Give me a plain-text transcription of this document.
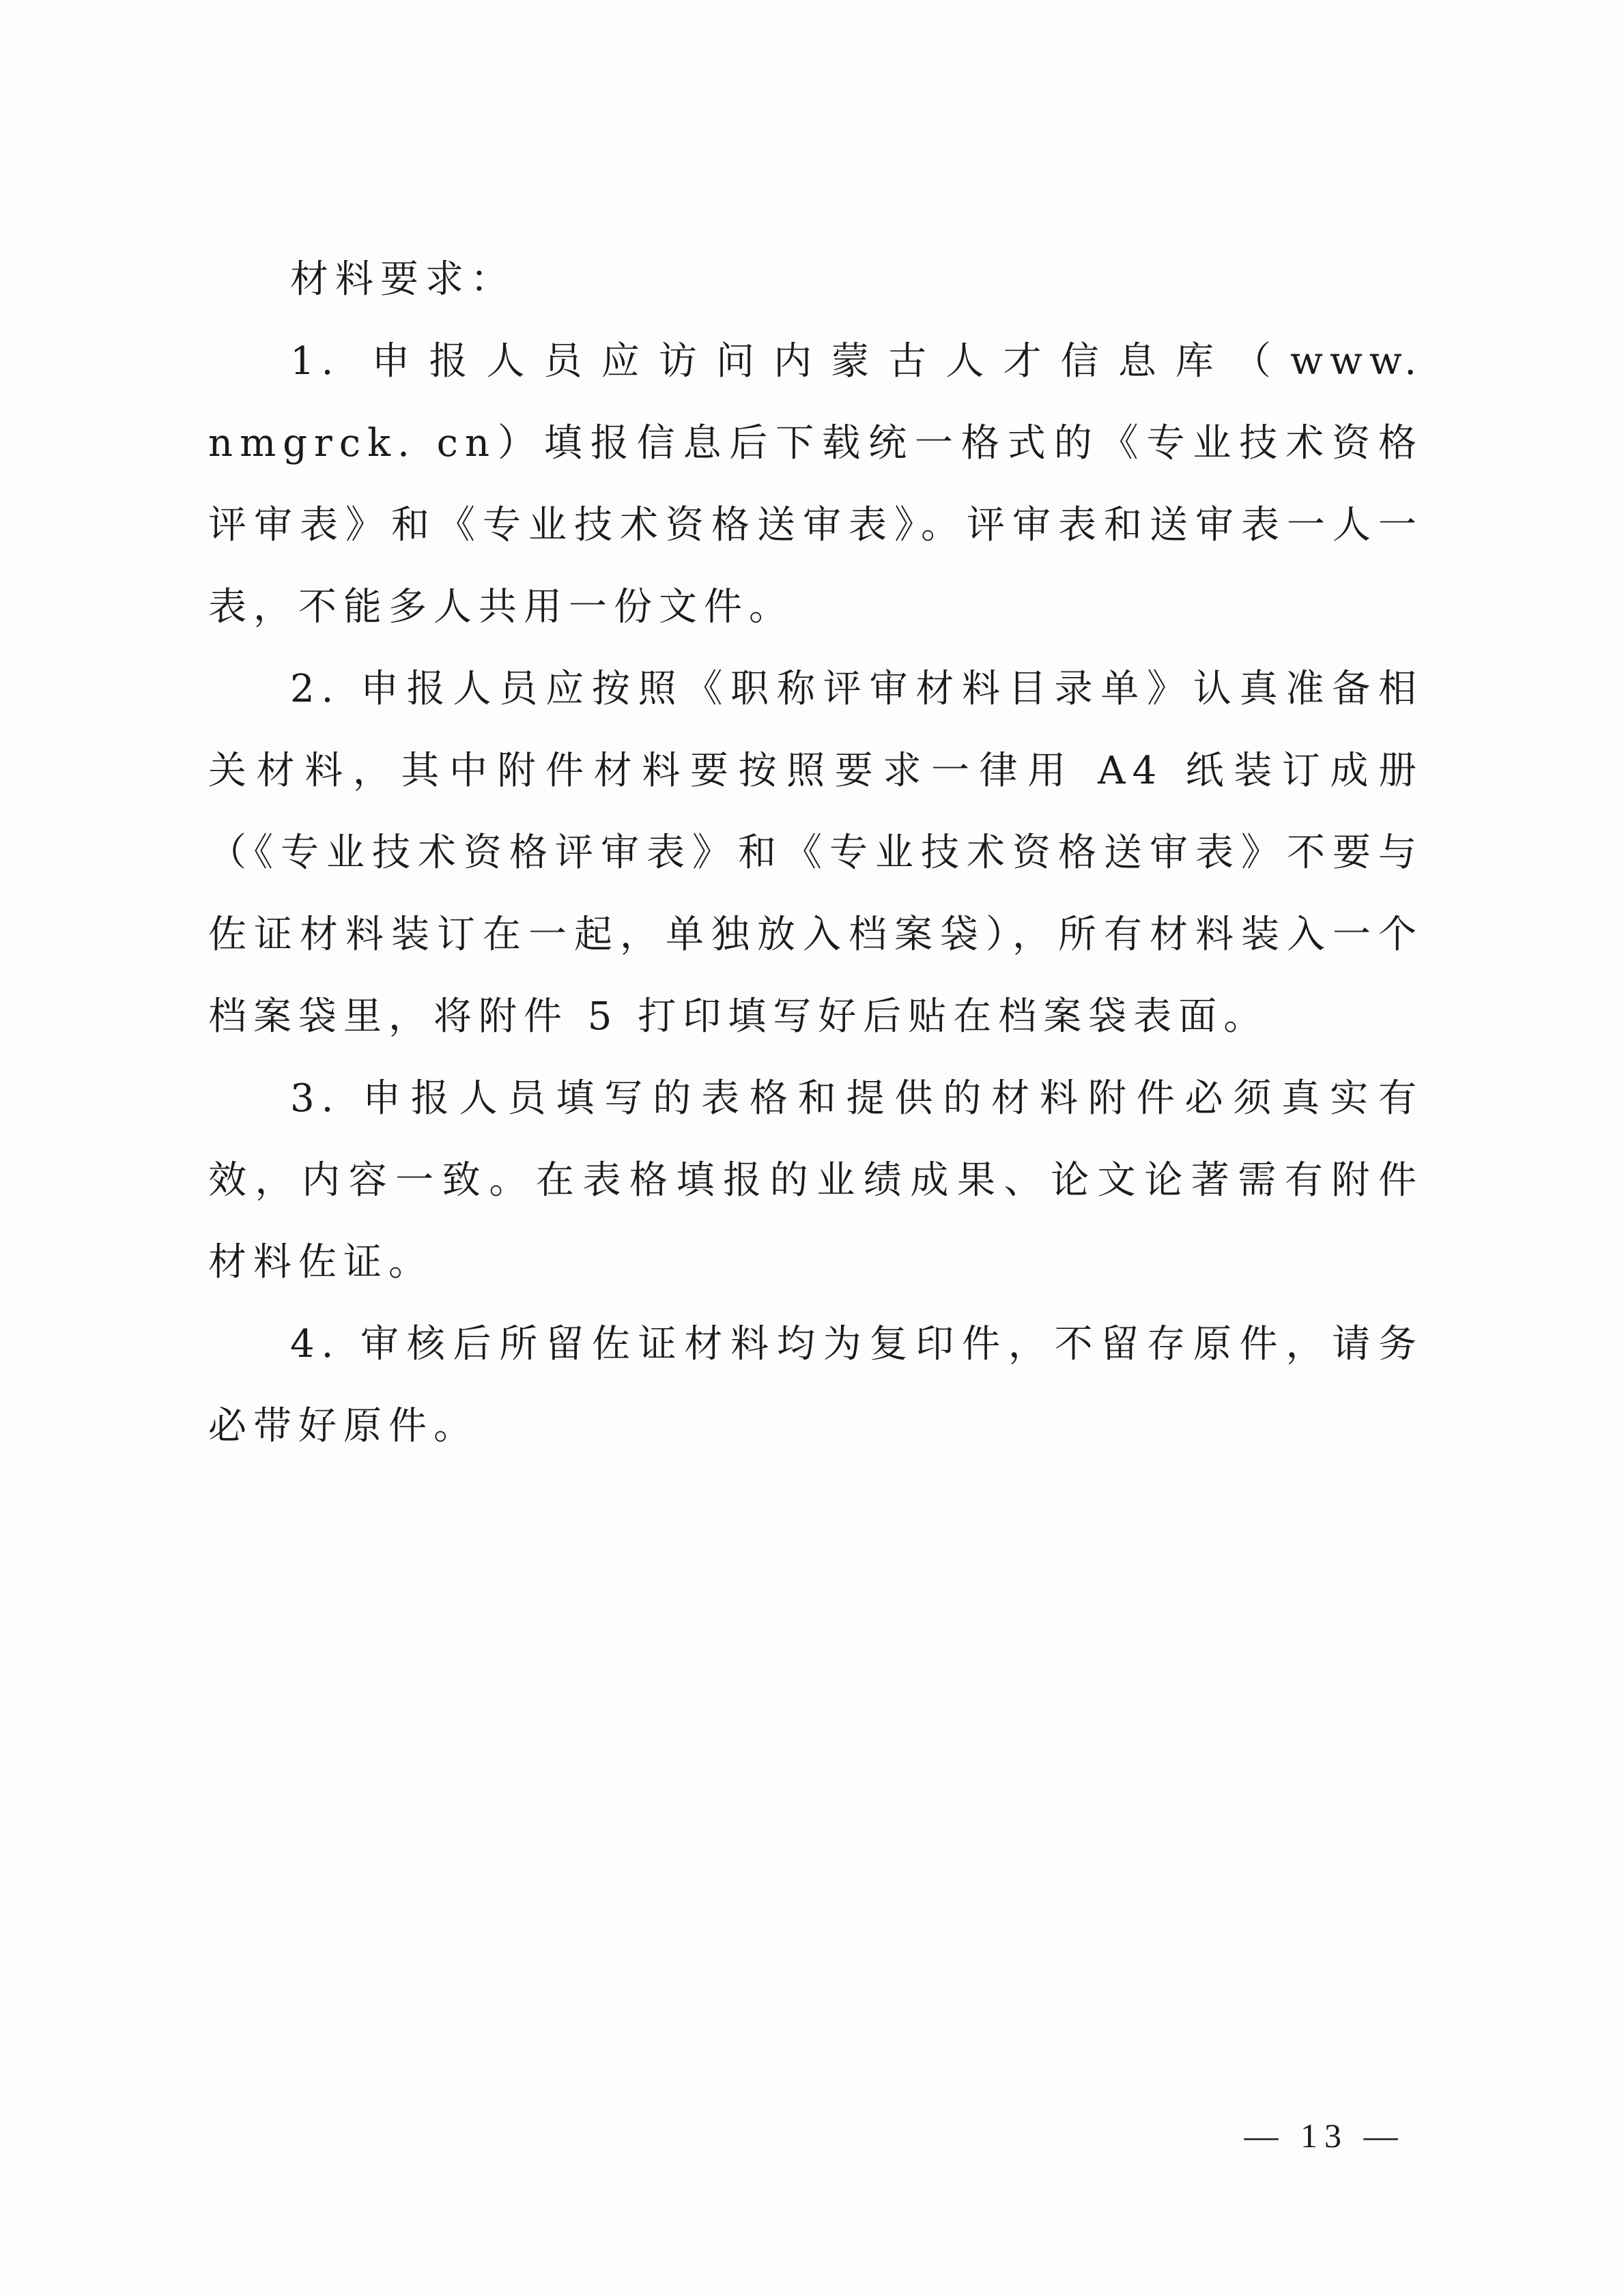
材料要求：

1. 申报人员应访问内蒙古人才信息库（www. nmgrck. cn）填报信息后下载统一格式的《专业技术资格评审表》和《专业技术资格送审表》。评审表和送审表一人一表，不能多人共用一份文件。

2. 申报人员应按照《职称评审材料目录单》认真准备相关材料，其中附件材料要按照要求一律用 A4 纸装订成册（《专业技术资格评审表》和《专业技术资格送审表》不要与佐证材料装订在一起，单独放入档案袋），所有材料装入一个档案袋里，将附件 5 打印填写好后贴在档案袋表面。

3. 申报人员填写的表格和提供的材料附件必须真实有效，内容一致。在表格填报的业绩成果、论文论著需有附件材料佐证。

4. 审核后所留佐证材料均为复印件，不留存原件，请务必带好原件。

— 13 —
